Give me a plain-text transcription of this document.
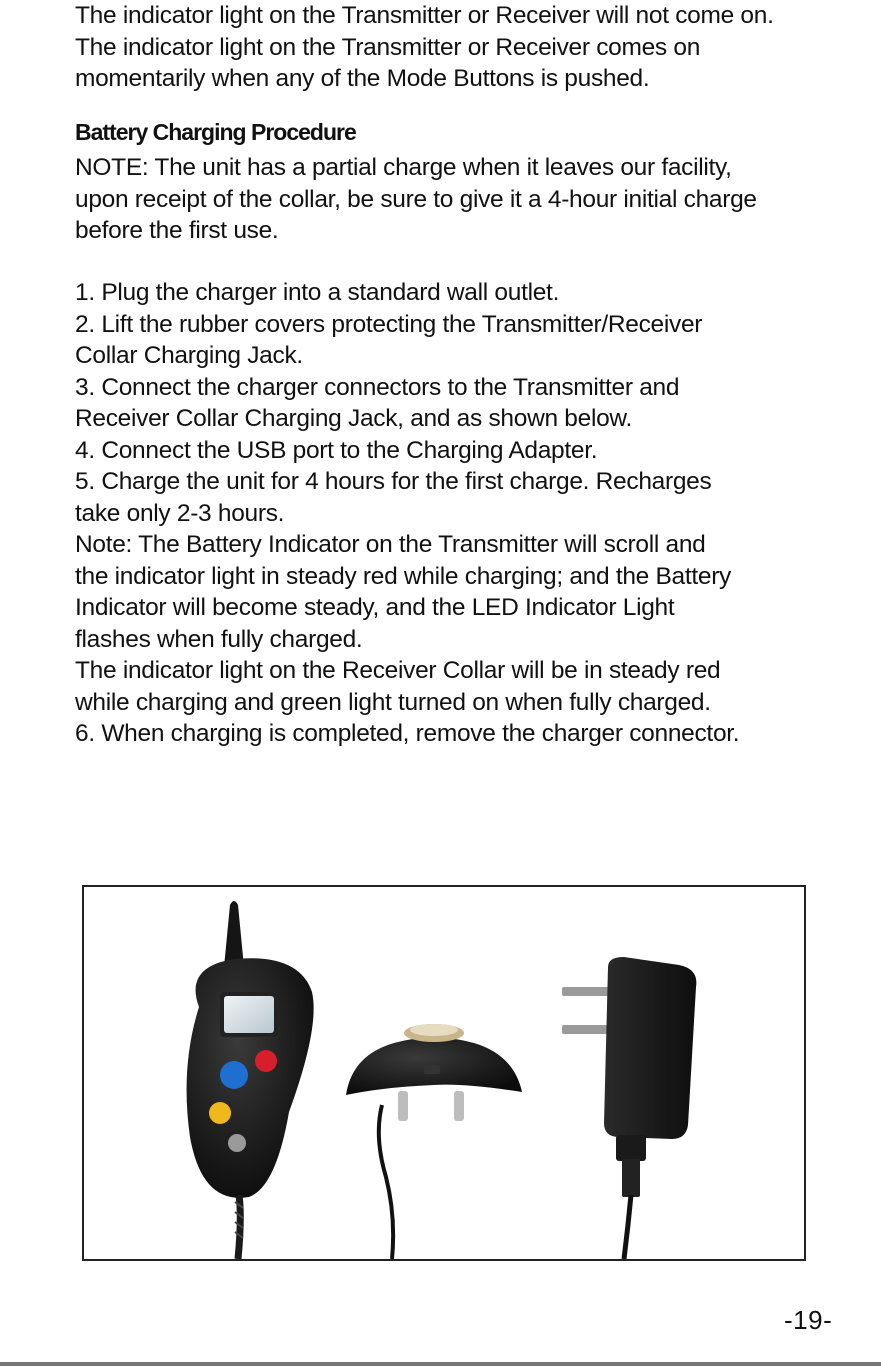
The indicator light on the Transmitter or Receiver will not come on.
The indicator light on the Transmitter or Receiver comes on
momentarily when any of the Mode Buttons is pushed.

Battery Charging Procedure

NOTE: The unit has a partial charge when it leaves our facility,
upon receipt of the collar, be sure to give it a 4-hour initial charge
before the first use.

1. Plug the charger into a standard wall outlet.
2. Lift the rubber covers protecting the Transmitter/Receiver
Collar Charging Jack.
3. Connect the charger connectors to the Transmitter and
Receiver Collar Charging Jack, and as shown below.
4. Connect the USB port to the Charging Adapter.
5. Charge the unit for 4 hours for the first charge. Recharges
take only 2-3 hours.
Note: The Battery Indicator on the Transmitter will scroll and
the indicator light in steady red while charging; and the Battery
Indicator will become steady, and the LED Indicator Light
flashes when fully charged.
The indicator light on the Receiver Collar will be in steady red
while charging and green light turned on when fully charged.
6. When charging is completed, remove the charger connector.

-19-
